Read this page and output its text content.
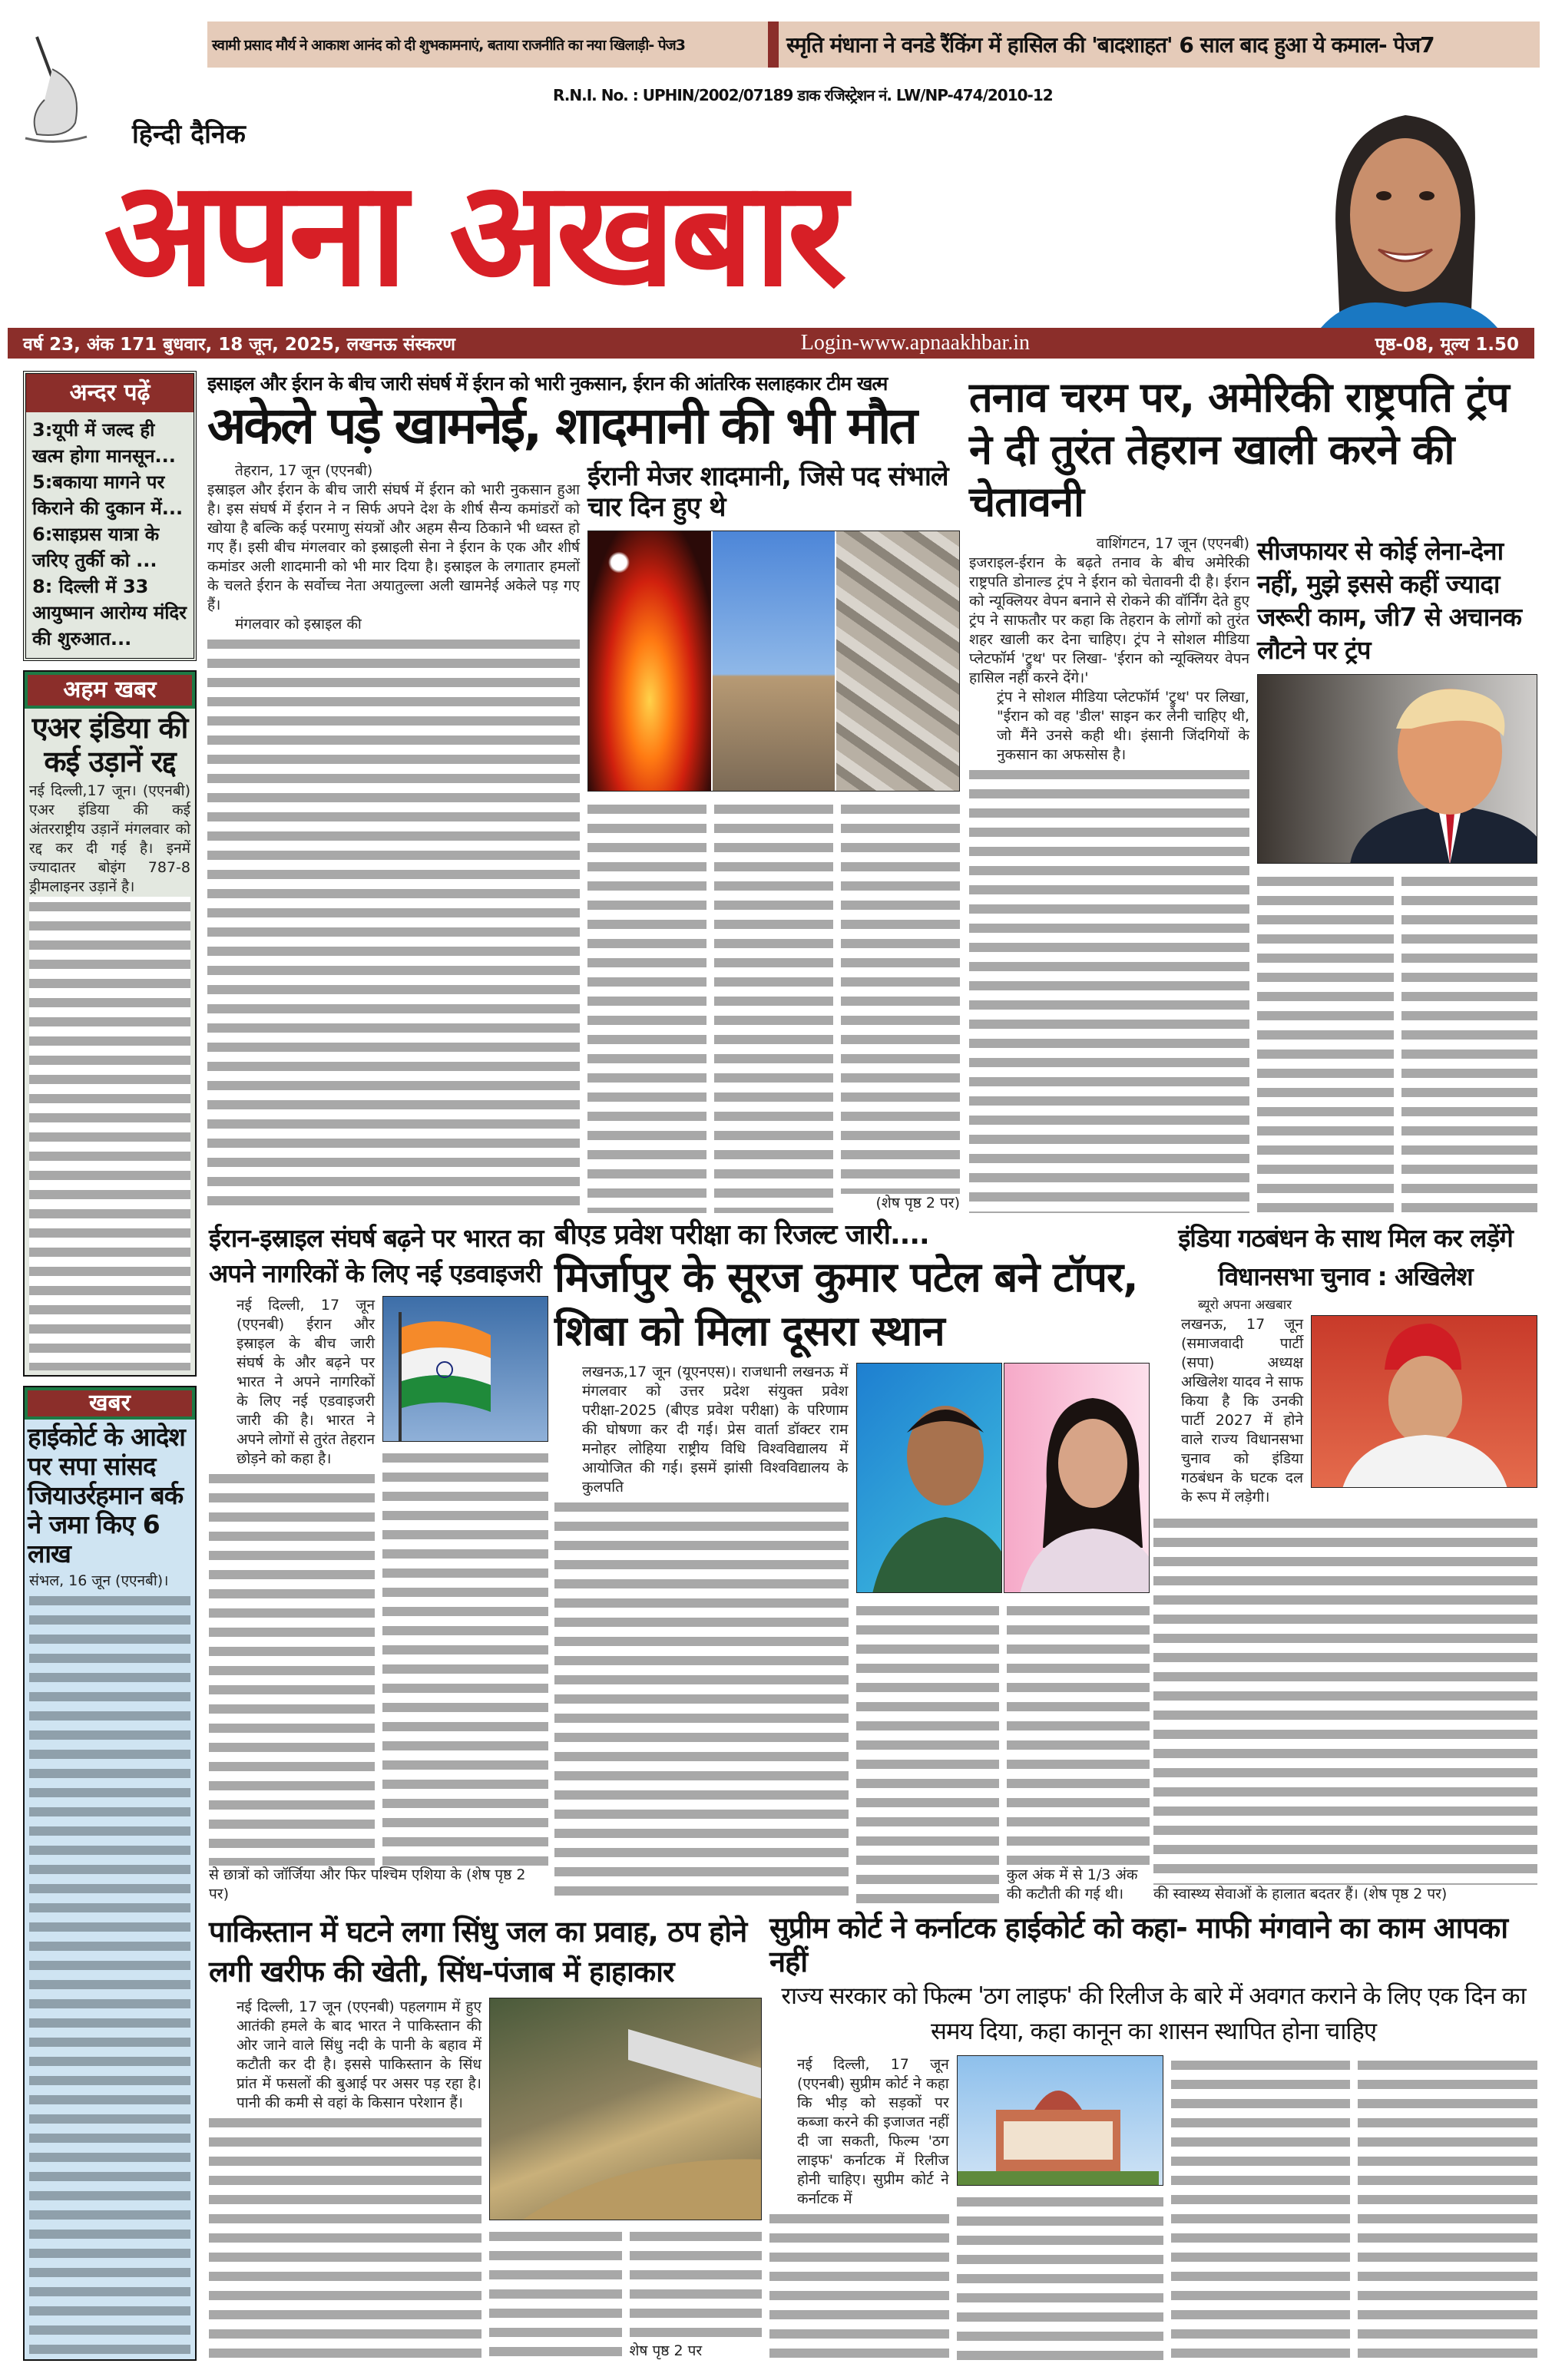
स्वामी प्रसाद मौर्य ने आकाश आनंद को दी शुभकामनाएं, बताया राजनीति का नया खिलाड़ी- पेज3	स्मृति मंधाना ने वनडे रैंकिंग में हासिल की 'बादशाहत' 6 साल बाद हुआ ये कमाल- पेज7
R.N.I. No. : UPHIN/2002/07189 डाक रजिस्ट्रेशन नं. LW/NP-474/2010-12
हिन्दी दैनिक
अपना अखबार
वर्ष 23, अंक 171 बुधवार, 18 जून, 2025, लखनऊ संस्करण	Login-www.apnaakhbar.in	पृष्ठ-08, मूल्य 1.50
अन्दर पढ़ें
3:यूपी में जल्द ही खत्म होगा मानसून...
5:बकाया मागने पर किराने की दुकान में...
6:साइप्रस यात्रा के जरिए तुर्की को ...
8: दिल्ली में 33 आयुष्मान आरोग्य मंदिर की शुरुआत...
अहम खबर
एअर इंडिया की कई उड़ानें रद्द
नई दिल्ली,17 जून। (एएनबी) एअर इंडिया की कई अंतरराष्ट्रीय उड़ानें मंगलवार को रद्द कर दी गई है। इनमें ज्यादातर बोइंग 787-8 ड्रीमलाइनर उड़ानें है।
खबर
हाईकोर्ट के आदेश पर सपा सांसद जियाउर्रहमान बर्क ने जमा किए 6 लाख
संभल, 16 जून (एएनबी)।
इसाइल और ईरान के बीच जारी संघर्ष में ईरान को भारी नुकसान, ईरान की आंतरिक सलाहकार टीम खत्म
अकेले पड़े खामनेई, शादमानी की भी मौत
तेहरान, 17 जून (एएनबी)
इस्राइल और ईरान के बीच जारी संघर्ष में ईरान को भारी नुकसान हुआ है। इस संघर्ष में ईरान ने न सिर्फ अपने देश के शीर्ष सैन्य कमांडरों को खोया है बल्कि कई परमाणु संयत्रों और अहम सैन्य ठिकाने भी ध्वस्त हो गए हैं। इसी बीच मंगलवार को इस्राइली सेना ने ईरान के एक और शीर्ष कमांडर अली शादमानी को भी मार दिया है। इस्राइल के लगातार हमलों के चलते ईरान के सर्वोच्च नेता अयातुल्ला अली खामनेई अकेले पड़ गए हैं।
मंगलवार को इस्राइल की
ईरानी मेजर शादमानी, जिसे पद संभाले चार दिन हुए थे
(शेष पृष्ठ 2 पर)
तनाव चरम पर, अमेरिकी राष्ट्रपति ट्रंप ने दी तुरंत तेहरान खाली करने की चेतावनी
वाशिंगटन, 17 जून (एएनबी)
इजराइल-ईरान के बढ़ते तनाव के बीच अमेरिकी राष्ट्रपति डोनाल्ड ट्रंप ने ईरान को चेतावनी दी है। ईरान को न्यूक्लियर वेपन बनाने से रोकने की वॉर्निंग देते हुए ट्रंप ने साफतौर पर कहा कि तेहरान के लोगों को तुरंत शहर खाली कर देना चाहिए। ट्रंप ने सोशल मीडिया प्लेटफॉर्म 'ट्रुथ' पर लिखा- 'ईरान को न्यूक्लियर वेपन हासिल नहीं करने देंगे।'
ट्रंप ने सोशल मीडिया प्लेटफॉर्म 'ट्रुथ' पर लिखा, "ईरान को वह 'डील' साइन कर लेनी चाहिए थी, जो मैंने उनसे कही थी। इंसानी जिंदगियों के नुकसान का अफसोस है।
सीजफायर से कोई लेना-देना नहीं, मुझे इससे कहीं ज्यादा जरूरी काम, जी7 से अचानक लौटने पर ट्रंप
ईरान-इस्राइल संघर्ष बढ़ने पर भारत का अपने नागरिकों के लिए नई एडवाइजरी
नई दिल्ली, 17 जून (एएनबी) ईरान और इस्राइल के बीच जारी संघर्ष के और बढ़ने पर भारत ने अपने नागरिकों के लिए नई एडवाइजरी जारी की है। भारत ने अपने लोगों से तुरंत तेहरान छोड़ने को कहा है।
से छात्रों को जॉर्जिया और फिर पश्चिम एशिया के (शेष पृष्ठ 2 पर)
बीएड प्रवेश परीक्षा का रिजल्ट जारी....
मिर्जापुर के सूरज कुमार पटेल बने टॉपर, शिबा को मिला दूसरा स्थान
लखनऊ,17 जून (यूएनएस)। राजधानी लखनऊ में मंगलवार को उत्तर प्रदेश संयुक्त प्रवेश परीक्षा-2025 (बीएड प्रवेश परीक्षा) के परिणाम की घोषणा कर दी गई। प्रेस वार्ता डॉक्टर राम मनोहर लोहिया राष्ट्रीय विधि विश्वविद्यालय में आयोजित की गई। इसमें झांसी विश्वविद्यालय के कुलपति
कुल अंक में से 1/3 अंक की कटौती की गई थी।
इंडिया गठबंधन के साथ मिल कर लड़ेंगे विधानसभा चुनाव : अखिलेश
ब्यूरो अपना अखबार
लखनऊ, 17 जून (समाजवादी पार्टी (सपा) अध्यक्ष अखिलेश यादव ने साफ किया है कि उनकी पार्टी 2027 में होने वाले राज्य विधानसभा चुनाव को इंडिया गठबंधन के घटक दल के रूप में लड़ेगी।
की स्वास्थ्य सेवाओं के हालात बदतर हैं। (शेष पृष्ठ 2 पर)
पाकिस्तान में घटने लगा सिंधु जल का प्रवाह, ठप होने लगी खरीफ की खेती, सिंध-पंजाब में हाहाकार
नई दिल्ली, 17 जून (एएनबी) पहलगाम में हुए आतंकी हमले के बाद भारत ने पाकिस्तान की ओर जाने वाले सिंधु नदी के पानी के बहाव में कटौती कर दी है। इससे पाकिस्तान के सिंध प्रांत में फसलों की बुआई पर असर पड़ रहा है। पानी की कमी से वहां के किसान परेशान हैं।
शेष पृष्ठ 2 पर
सुप्रीम कोर्ट ने कर्नाटक हाईकोर्ट को कहा- माफी मंगवाने का काम आपका नहीं
राज्य सरकार को फिल्म 'ठग लाइफ' की रिलीज के बारे में अवगत कराने के लिए एक दिन का समय दिया, कहा कानून का शासन स्थापित होना चाहिए
नई दिल्ली, 17 जून (एएनबी) सुप्रीम कोर्ट ने कहा कि भीड़ को सड़कों पर कब्जा करने की इजाजत नहीं दी जा सकती, फिल्म 'ठग लाइफ' कर्नाटक में रिलीज होनी चाहिए। सुप्रीम कोर्ट ने कर्नाटक में
